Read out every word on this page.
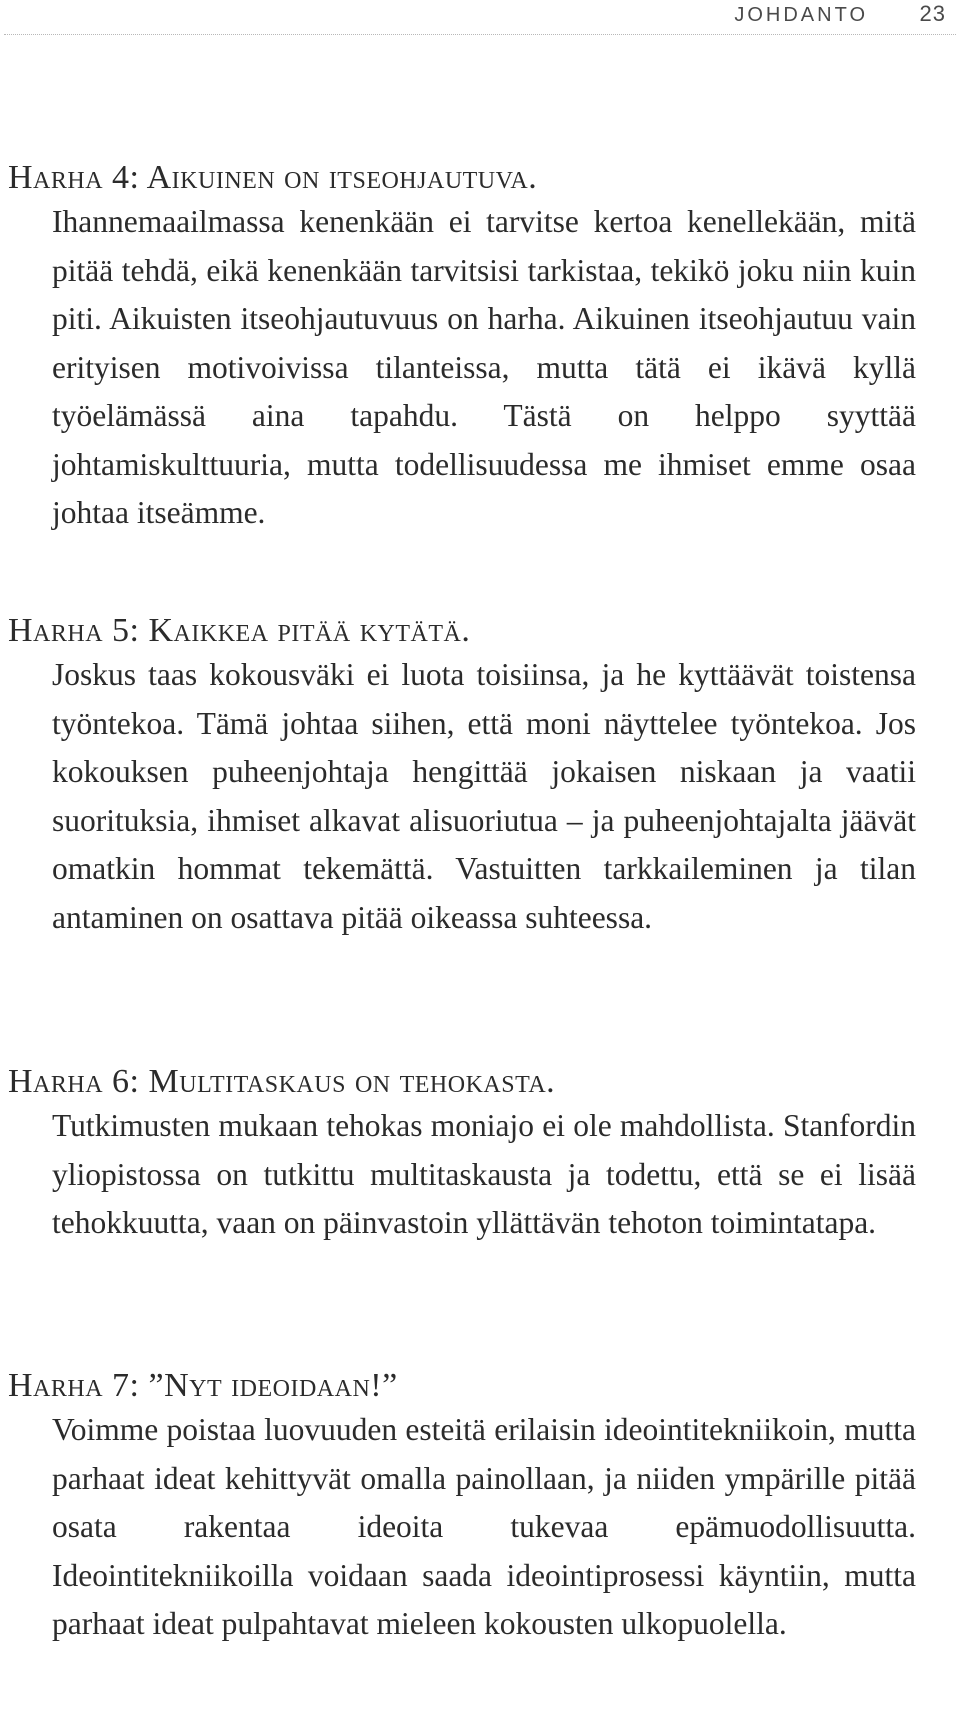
JOHDANTO 23
Harha 4: Aikuinen on itseohjautuva.

Ihannemaailmassa kenenkään ei tarvitse kertoa kenellekään, mitä pitää tehdä, eikä kenenkään tarvitsisi tarkistaa, tekikö joku niin kuin piti. Aikuisten itseohjautuvuus on harha. Aikuinen itseohjautuu vain erityisen motivoivissa tilanteissa, mutta tätä ei ikävä kyllä työelämässä aina tapahdu. Tästä on helppo syyttää johtamiskulttuuria, mutta todellisuudessa me ihmiset emme osaa johtaa itseämme.

Harha 5: Kaikkea pitää kytätä.

Joskus taas kokousväki ei luota toisiinsa, ja he kyttäävät toistensa työntekoa. Tämä johtaa siihen, että moni näyttelee työntekoa. Jos kokouksen puheenjohtaja hengittää jokaisen niskaan ja vaatii suorituksia, ihmiset alkavat alisuoriutua – ja puheenjohtajalta jäävät omatkin hommat tekemättä. Vastuitten tarkkaileminen ja tilan antaminen on osattava pitää oikeassa suhteessa.

Harha 6: Multitaskaus on tehokasta.

Tutkimusten mukaan tehokas moniajo ei ole mahdollista. Stanfordin yliopistossa on tutkittu multitaskausta ja todettu, että se ei lisää tehokkuutta, vaan on päinvastoin yllättävän tehoton toimintatapa.

Harha 7: ”Nyt ideoidaan!”

Voimme poistaa luovuuden esteitä erilaisin ideointitekniikoin, mutta parhaat ideat kehittyvät omalla painollaan, ja niiden ympärille pitää osata rakentaa ideoita tukevaa epämuodollisuutta. Ideointitekniikoilla voidaan saada ideointiprosessi käyntiin, mutta parhaat ideat pulpahtavat mieleen kokousten ulkopuolella.
